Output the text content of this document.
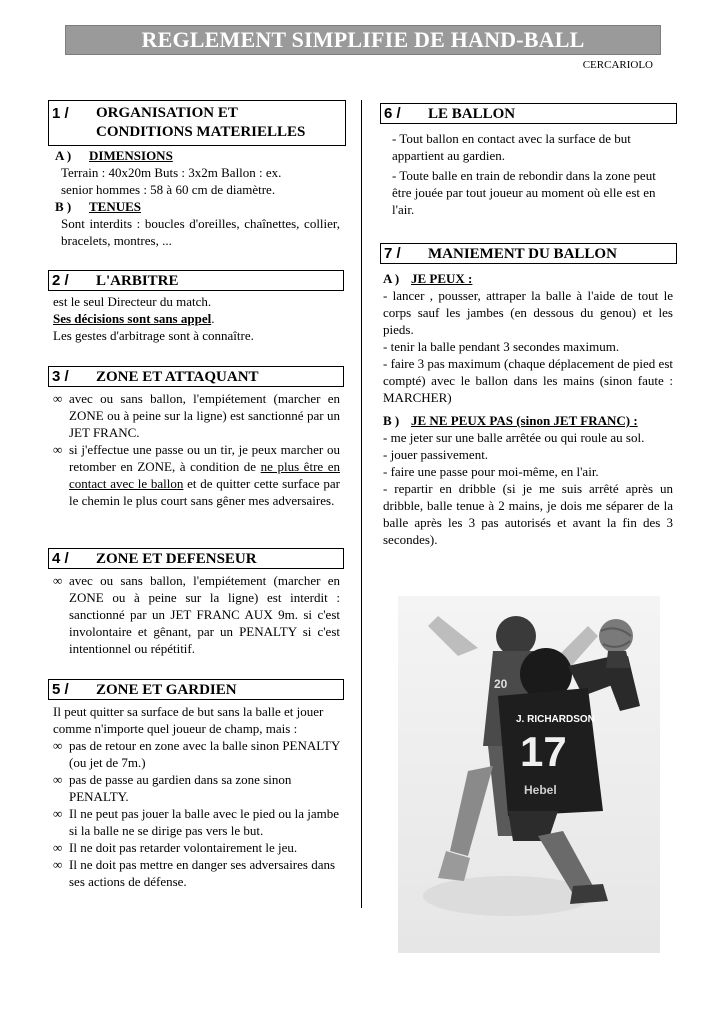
REGLEMENT SIMPLIFIE DE HAND-BALL
CERCARIOLO
1 / ORGANISATION ET
CONDITIONS MATERIELLES
A ) DIMENSIONS
Terrain : 40x20m Buts : 3x2m Ballon : ex.
senior hommes : 58 à 60 cm de diamètre.
B ) TENUES
Sont interdits : boucles d'oreilles, chaînettes, collier, bracelets, montres, ...
2 / L'ARBITRE
est le seul Directeur du match.
Ses décisions sont sans appel.
Les gestes d'arbitrage sont à connaître.
3 / ZONE ET ATTAQUANT
∞ avec ou sans ballon, l'empiétement (marcher en ZONE ou à peine sur la ligne) est sanctionné par un JET FRANC.
∞ si j'effectue une passe ou un tir, je peux marcher ou retomber en ZONE, à condition de ne plus être en contact avec le ballon et de quitter cette surface par le chemin le plus court sans gêner mes adversaires.
4 / ZONE ET DEFENSEUR
∞ avec ou sans ballon, l'empiétement (marcher en ZONE ou à peine sur la ligne) est interdit : sanctionné par un JET FRANC AUX 9m. si c'est involontaire et gênant, par un PENALTY si c'est intentionnel ou répétitif.
5 / ZONE ET GARDIEN
Il peut quitter sa surface de but sans la balle et jouer comme n'importe quel joueur de champ, mais :
∞ pas de retour en zone avec la balle sinon PENALTY (ou jet de 7m.)
∞ pas de passe au gardien dans sa zone sinon PENALTY.
∞ Il ne peut pas jouer la balle avec le pied ou la jambe si la balle ne se dirige pas vers le but.
∞ Il ne doit pas retarder volontairement le jeu.
∞ Il ne doit pas mettre en danger ses adversaires dans ses actions de défense.
6 / LE BALLON
- Tout ballon en contact avec la surface de but appartient au gardien.
- Toute balle en train de rebondir dans la zone peut être jouée par tout joueur au moment où elle est en l'air.
7 / MANIEMENT DU BALLON
A ) JE PEUX :
- lancer , pousser, attraper la balle à l'aide de tout le corps sauf les jambes (en dessous du genou) et les pieds.
- tenir la balle pendant 3 secondes maximum.
- faire 3 pas maximum (chaque déplacement de pied est compté) avec le ballon dans les mains (sinon faute : MARCHER)
B ) JE NE PEUX PAS (sinon JET FRANC) :
- me jeter sur une balle arrêtée ou qui roule au sol.
- jouer passivement.
- faire une passe pour moi-même, en l'air.
- repartir en dribble (si je me suis arrêté après un dribble, balle tenue à 2 mains, je dois me séparer de la balle après les 3 pas autorisés et avant la fin des 3 secondes).
20
J. RICHARDSON
17
Hebel
